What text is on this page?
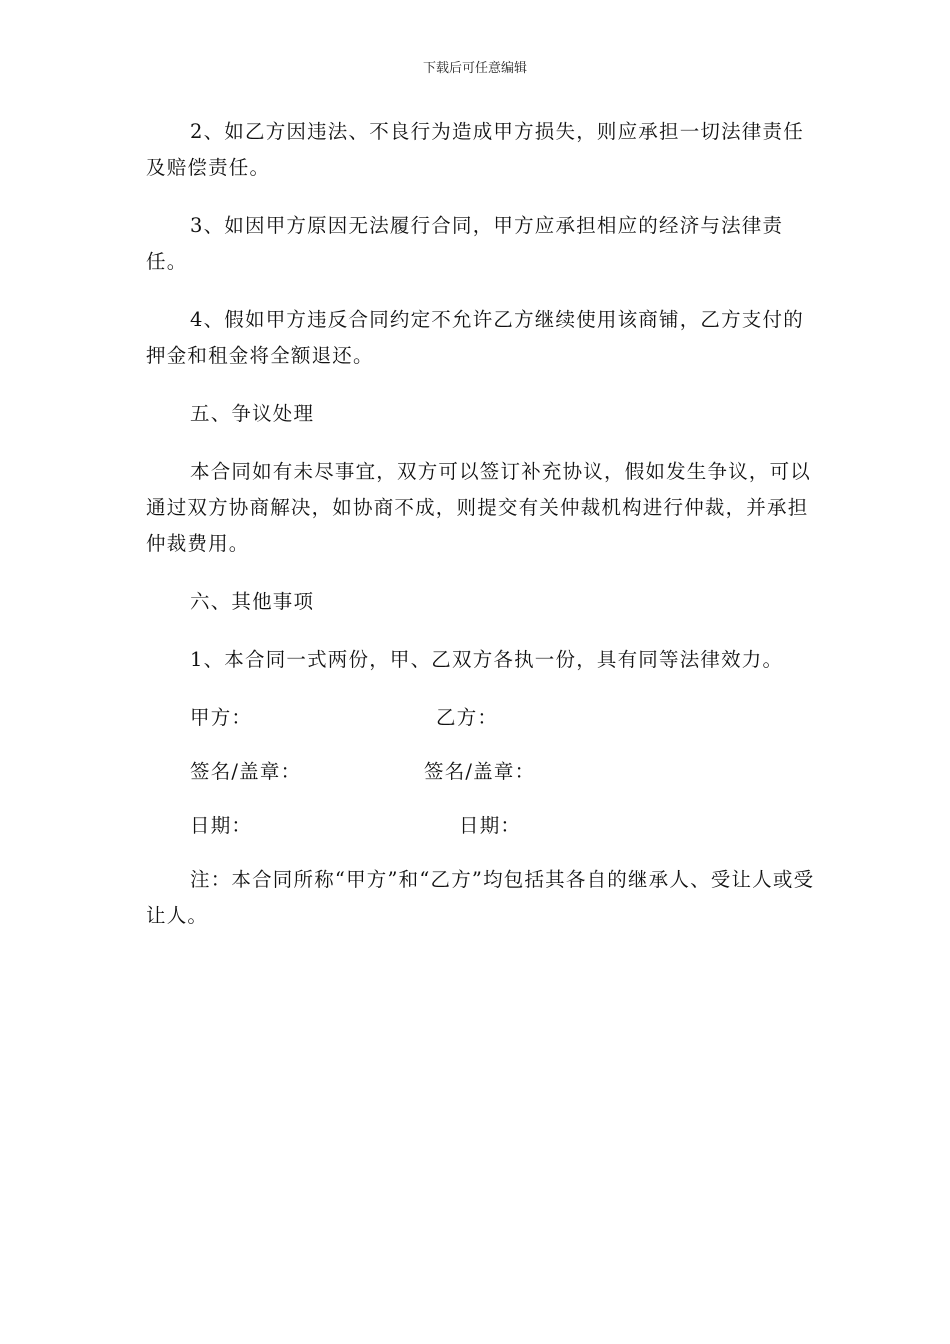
下载后可任意编辑

2、如乙方因违法、不良行为造成甲方损失，则应承担一切法律责任及赔偿责任。

3、如因甲方原因无法履行合同，甲方应承担相应的经济与法律责任。

4、假如甲方违反合同约定不允许乙方继续使用该商铺，乙方支付的押金和租金将全额退还。

五、争议处理

本合同如有未尽事宜，双方可以签订补充协议，假如发生争议，可以通过双方协商解决，如协商不成，则提交有关仲裁机构进行仲裁，并承担仲裁费用。

六、其他事项

1、本合同一式两份，甲、乙双方各执一份，具有同等法律效力。

甲方：	乙方：
签名/盖章：	签名/盖章：
日期：	日期：

注：本合同所称“甲方”和“乙方”均包括其各自的继承人、受让人或受让人。
